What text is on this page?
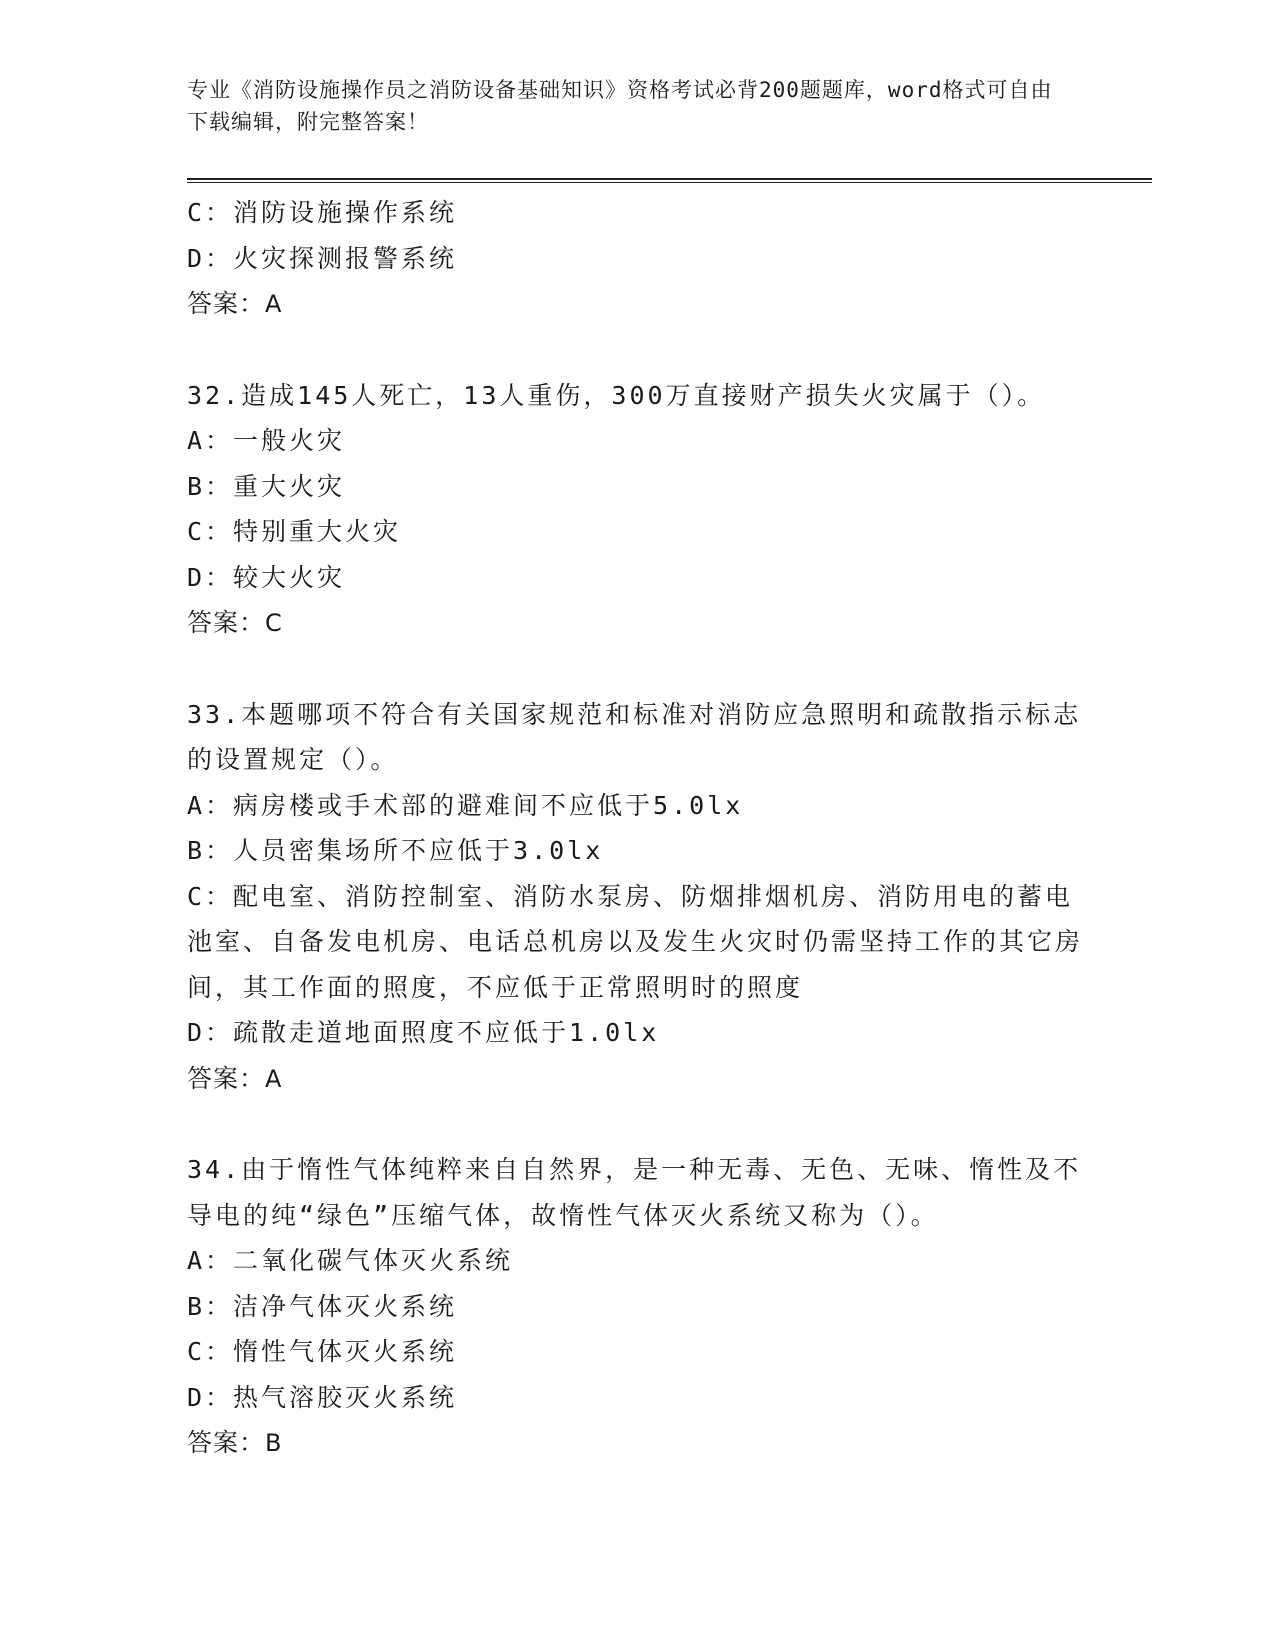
专业《消防设施操作员之消防设备基础知识》资格考试必背200题题库，word格式可自由下载编辑，附完整答案！
C：消防设施操作系统
D：火灾探测报警系统
答案：A
32.造成145人死亡，13人重伤，300万直接财产损失火灾属于（）。
A：一般火灾
B：重大火灾
C：特别重大火灾
D：较大火灾
答案：C
33.本题哪项不符合有关国家规范和标准对消防应急照明和疏散指示标志的设置规定（）。
A：病房楼或手术部的避难间不应低于5.0lx
B：人员密集场所不应低于3.0lx
C：配电室、消防控制室、消防水泵房、防烟排烟机房、消防用电的蓄电池室、自备发电机房、电话总机房以及发生火灾时仍需坚持工作的其它房间，其工作面的照度，不应低于正常照明时的照度
D：疏散走道地面照度不应低于1.0lx
答案：A
34.由于惰性气体纯粹来自自然界，是一种无毒、无色、无味、惰性及不导电的纯“绿色”压缩气体，故惰性气体灭火系统又称为（）。
A：二氧化碳气体灭火系统
B：洁净气体灭火系统
C：惰性气体灭火系统
D：热气溶胶灭火系统
答案：B
